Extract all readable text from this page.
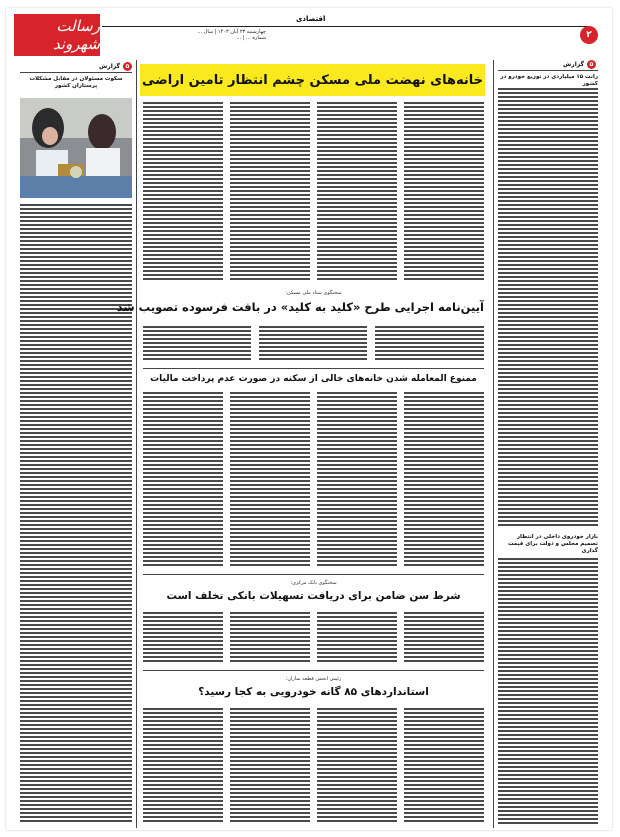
رسالت شهروند
اقتصادی
چهارشنبه ۲۳ آبان ۱۴۰۳ | سال ...
شماره ... | ...	۲
۵گزارش
سکوت مسئولان در مقابل مشکلات پرستاران کشور
۵گزارش
رانت ۱۵ میلیاردی در توزیع خودرو در کشور
بازار خودروی داخلی در انتظار تصمیم مجلس و دولت برای قیمت گذاری
خانه‌های نهضت ملی مسکن چشم انتظار تامین اراضی
سخنگوی ستاد ملی مسکن:
آیین‌نامه اجرایی طرح «کلید به کلید» در بافت فرسوده تصویب شد
ممنوع المعامله شدن خانه‌های خالی از سکنه در صورت عدم پرداخت مالیات
سخنگوی بانک مرکزی:
شرط سن ضامن برای دریافت تسهیلات بانکی تخلف است
رئیس انجمن قطعه سازان:
استاندارد‌های ۸۵ گانه خودرویی به کجا رسید؟
